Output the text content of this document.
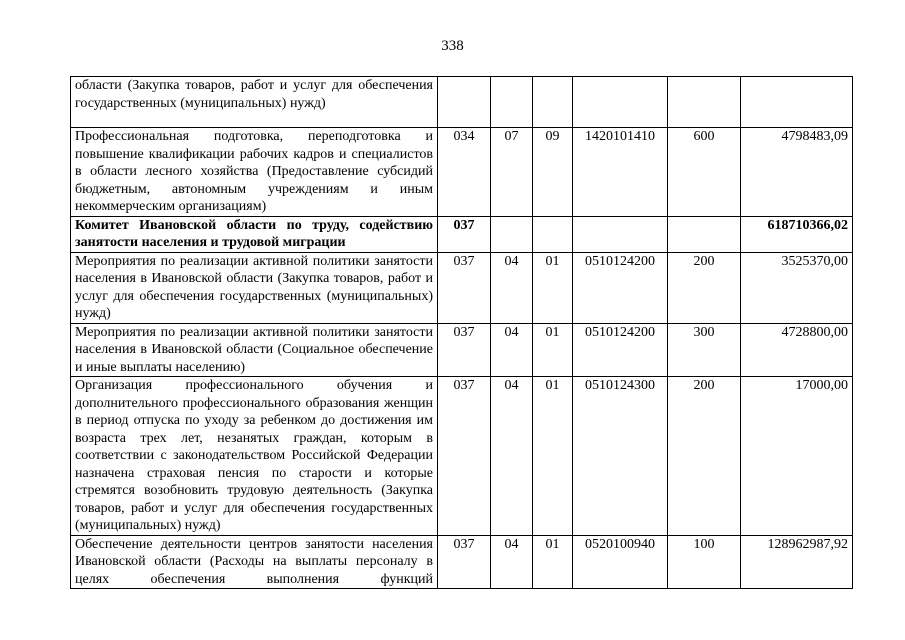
338
области (Закупка товаров, работ и услуг для обеспечения государственных (муниципальных) нужд)						
Профессиональная подготовка, переподготовка и повышение квалификации рабочих кадров и специалистов в области лесного хозяйства (Предоставление субсидий бюджетным, автономным учреждениям и иным некоммерческим организациям)	034	07	09	1420101410	600	4798483,09
Комитет Ивановской области по труду, содействию занятости населения и трудовой миграции	037					618710366,02
Мероприятия по реализации активной политики занятости населения в Ивановской области (Закупка товаров, работ и услуг для обеспечения государственных (муниципальных) нужд)	037	04	01	0510124200	200	3525370,00
Мероприятия по реализации активной политики занятости населения в Ивановской области (Социальное обеспечение и иные выплаты населению)	037	04	01	0510124200	300	4728800,00
Организация профессионального обучения и дополнительного профессионального образования женщин в период отпуска по уходу за ребенком до достижения им возраста трех лет, незанятых граждан, которым в соответствии с законодательством Российской Федерации назначена страховая пенсия по старости и которые стремятся возобновить трудовую деятельность (Закупка товаров, работ и услуг для обеспечения государственных (муниципальных) нужд)	037	04	01	0510124300	200	17000,00
Обеспечение деятельности центров занятости населения Ивановской области (Расходы на выплаты персоналу в целях обеспечения выполнения функций	037	04	01	0520100940	100	128962987,92
